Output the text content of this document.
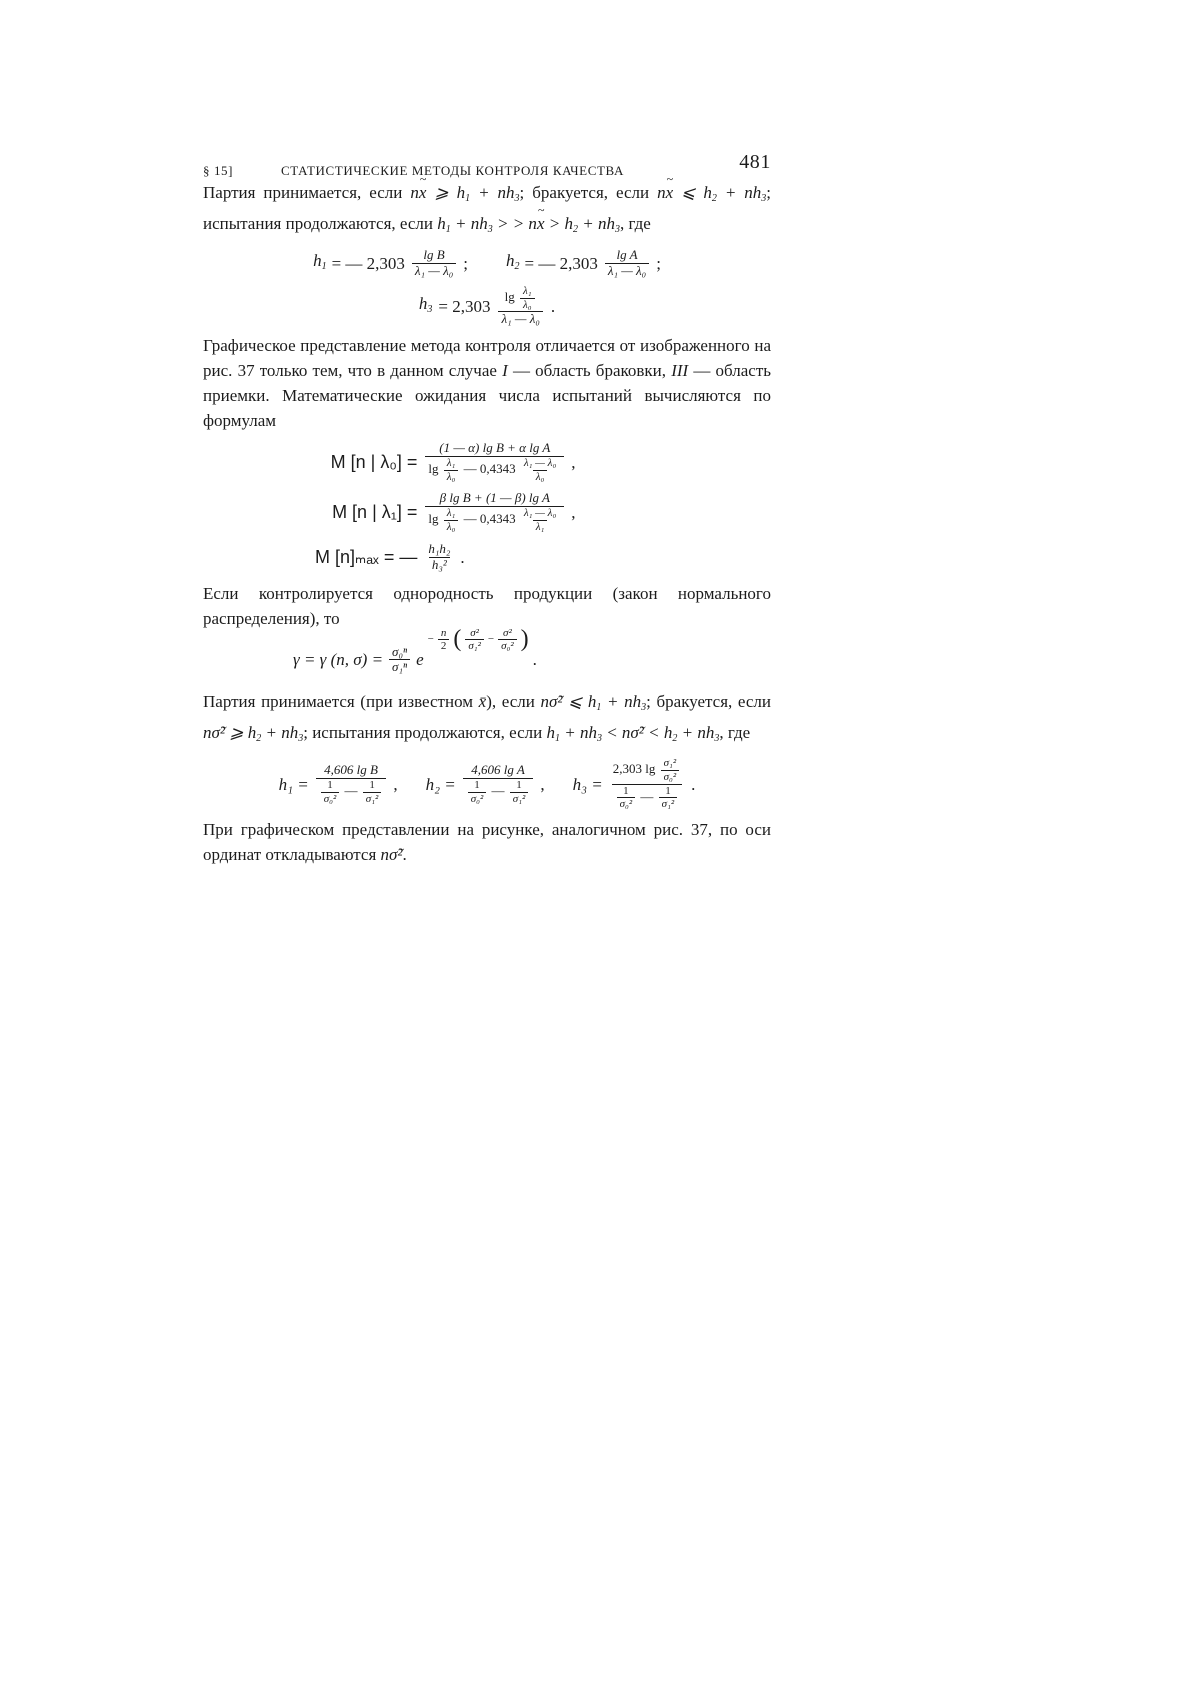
§ 15]	СТАТИСТИЧЕСКИЕ МЕТОДЫ КОНТРОЛЯ КАЧЕСТВА	481

Партия принимается, если n~ x ⩾ $h_1 + nh_3$; бракуется, если n~ x ⩽ $h_2 + nh_3$; испытания продолжаются, если $h_1 + nh_3$ > > n~ $x > h_2 + nh_3$, где

$h_1$ = — $2,303 \frac{\text{lg B}}{\text{λ₁ — λ₀}}$ ; $h_2$ = — $2,303 \frac{\text{lg A}}{\text{λ₁ — λ₀}}$ ;
$h_3 = 2,303 \frac{\lg \frac{\text{λ₁}}{\text{λ₀}}}{\text{λ₁ — λ₀}}$ .

Графическое представление метода контроля отличается от изображенного на рис. 37 только тем, что в данном случае I — область браковки, III — область приемки. Математические ожидания числа испытаний вычисляются по формулам

M [n | $\lambda_0] = \frac{\text{(1 — α) lg B + α lg A}}{\lg \frac{\text{λ₁}}{\text{λ₀}} — 0,4343 \frac{\text{λ₁ — λ₀}}{\text{λ₀}}}$ ,
M [n | $\lambda_1] = \frac{\text{β lg B + (1 — β) lg A}}{\lg \frac{\text{λ₁}}{\text{λ₀}} — 0,4343 \frac{\text{λ₁ — λ₀}}{\text{λ₁}}}$ ,
M [n]ₘₐₓ = — $\frac{\text{h₁h₂}}{\text{h₃²}}$ .

Если контролируется однородность продукции (закон нормального распределения), то

γ = γ (n, $\sigma) = \frac{\text{σ₀ⁿ}}{\text{σ₁ⁿ}}$ e
− $\frac{n}{2}$ ( $\frac{\text{σ²}}{\text{σ₁²}} - \frac{\text{σ²}}{\text{σ₀²}}$ )
.

Партия принимается (при известном x̄), если nσ̃² ⩽ $h_1 + nh_3$; бракуется, если nσ̃² ⩾ $h_2 + nh_3$; испытания продолжаются, если $h_1 + nh_3$ < nσ̃² < $h_2 + nh_3$, где

$h_1 = \frac{\text{4,606 lg B}}{\frac{1}{\text{σ₀²}} — \frac{1}{\text{σ₁²}}}$ , $h_2 = \frac{\text{4,606 lg A}}{\frac{1}{\text{σ₀²}} — \frac{1}{\text{σ₁²}}}$ , $h_3 = \frac{2,303 \lg \frac{\text{σ₁²}}{\text{σ₀²}}}{\frac{1}{\text{σ₀²}} — \frac{1}{\text{σ₁²}}}$ .

При графическом представлении на рисунке, аналогичном рис. 37, по оси ординат откладываются nσ̃².
